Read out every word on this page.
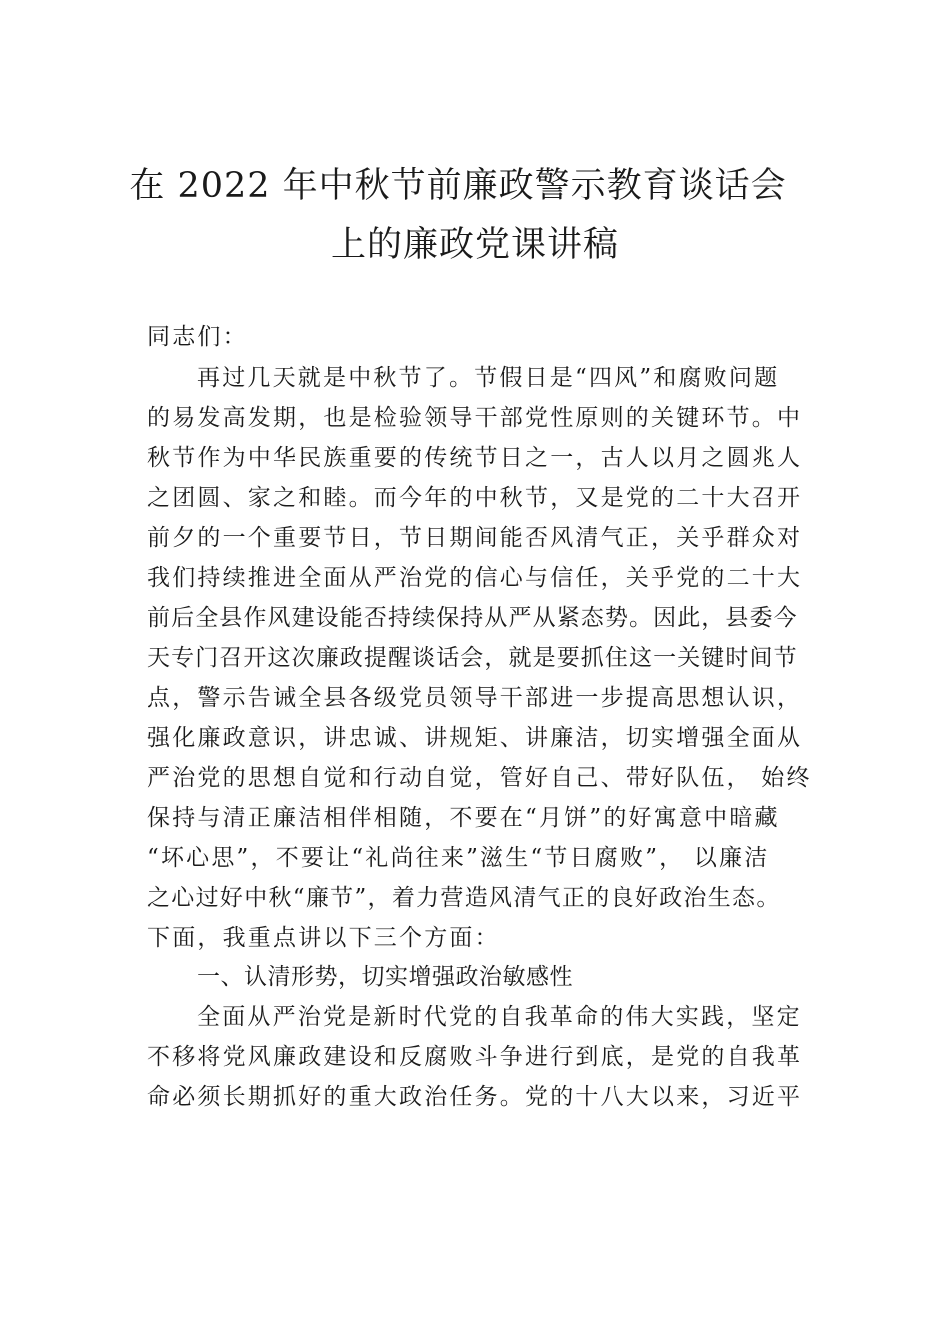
在 2022 年中秋节前廉政警示教育谈话会
上的廉政党课讲稿

同志们：

再过几天就是中秋节了。节假日是“四风”和腐败问题

的易发高发期，也是检验领导干部党性原则的关键环节。中

秋节作为中华民族重要的传统节日之一，古人以月之圆兆人

之团圆、家之和睦。而今年的中秋节，又是党的二十大召开

前夕的一个重要节日，节日期间能否风清气正，关乎群众对

我们持续推进全面从严治党的信心与信任，关乎党的二十大

前后全县作风建设能否持续保持从严从紧态势。因此，县委今

天专门召开这次廉政提醒谈话会，就是要抓住这一关键时间节

点，警示告诫全县各级党员领导干部进一步提高思想认识，

强化廉政意识，讲忠诚、讲规矩、讲廉洁，切实增强全面从

严治党的思想自觉和行动自觉，管好自己、带好队伍， 始终

保持与清正廉洁相伴相随，不要在“月饼”的好寓意中暗藏

“坏心思”，不要让“礼尚往来”滋生“节日腐败”， 以廉洁

之心过好中秋“廉节”，着力营造风清气正的良好政治生态。

下面，我重点讲以下三个方面：

一、认清形势，切实增强政治敏感性

全面从严治党是新时代党的自我革命的伟大实践，坚定

不移将党风廉政建设和反腐败斗争进行到底，是党的自我革

命必须长期抓好的重大政治任务。党的十八大以来，习近平
